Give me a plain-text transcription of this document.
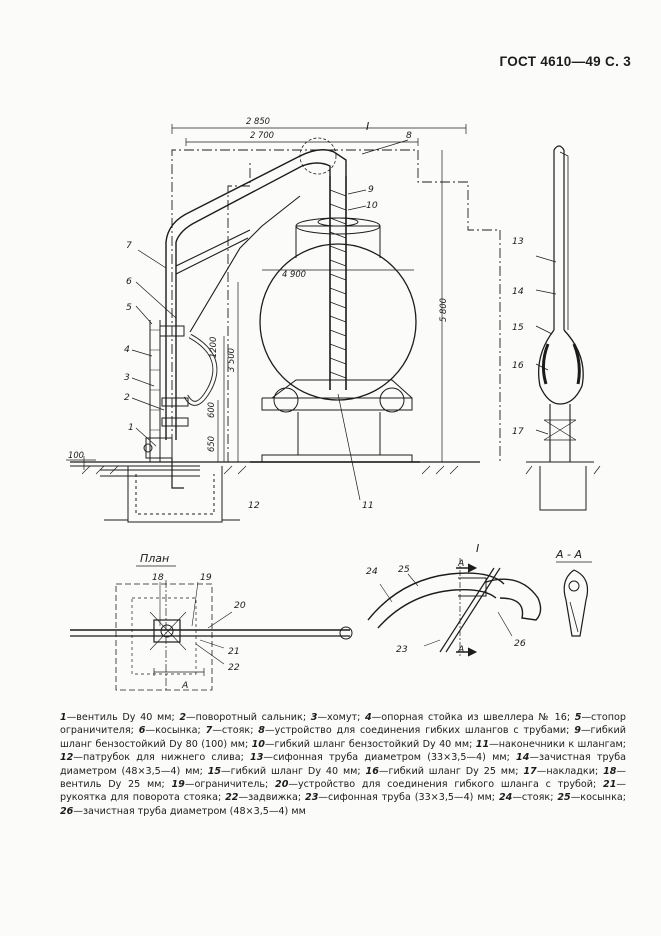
ГОСТ 4610—49 С. 3
2 850
2 700
4 900
5 800
3 500
1200
600
650
100
1
2
3
4
5
6
7
8
9
10
11
12
I
13
14
15
16
17
План
18	19
20
21
22
А
I
А
А
23
24 25
26
А - А

1—вентиль Dу 40 мм; 2—поворотный сальник; 3—хомут; 4—опорная стойка из швеллера № 16; 5—стопор ограничителя; 6—косынка; 7—стояк; 8—устройство для соединения гибких шлангов с трубами; 9—гибкий шланг бензостойкий Dу 80 (100) мм; 10—гибкий шланг бензостойкий Dу 40 мм; 11—наконечники к шлангам; 12—патрубок для нижнего слива; 13—сифонная труба диаметром (33×3,5—4) мм; 14—зачистная труба диаметром (48×3,5—4) мм; 15—гибкий шланг Dу 40 мм; 16—гибкий шланг Dу 25 мм; 17—накладки; 18—вентиль Dу 25 мм; 19—ограничитель; 20—устройство для соединения гибкого шланга с трубой; 21—рукоятка для поворота стояка; 22—задвижка; 23—сифонная труба (33×3,5—4) мм; 24—стояк; 25—косынка; 26—зачистная труба диаметром (48×3,5—4) мм
